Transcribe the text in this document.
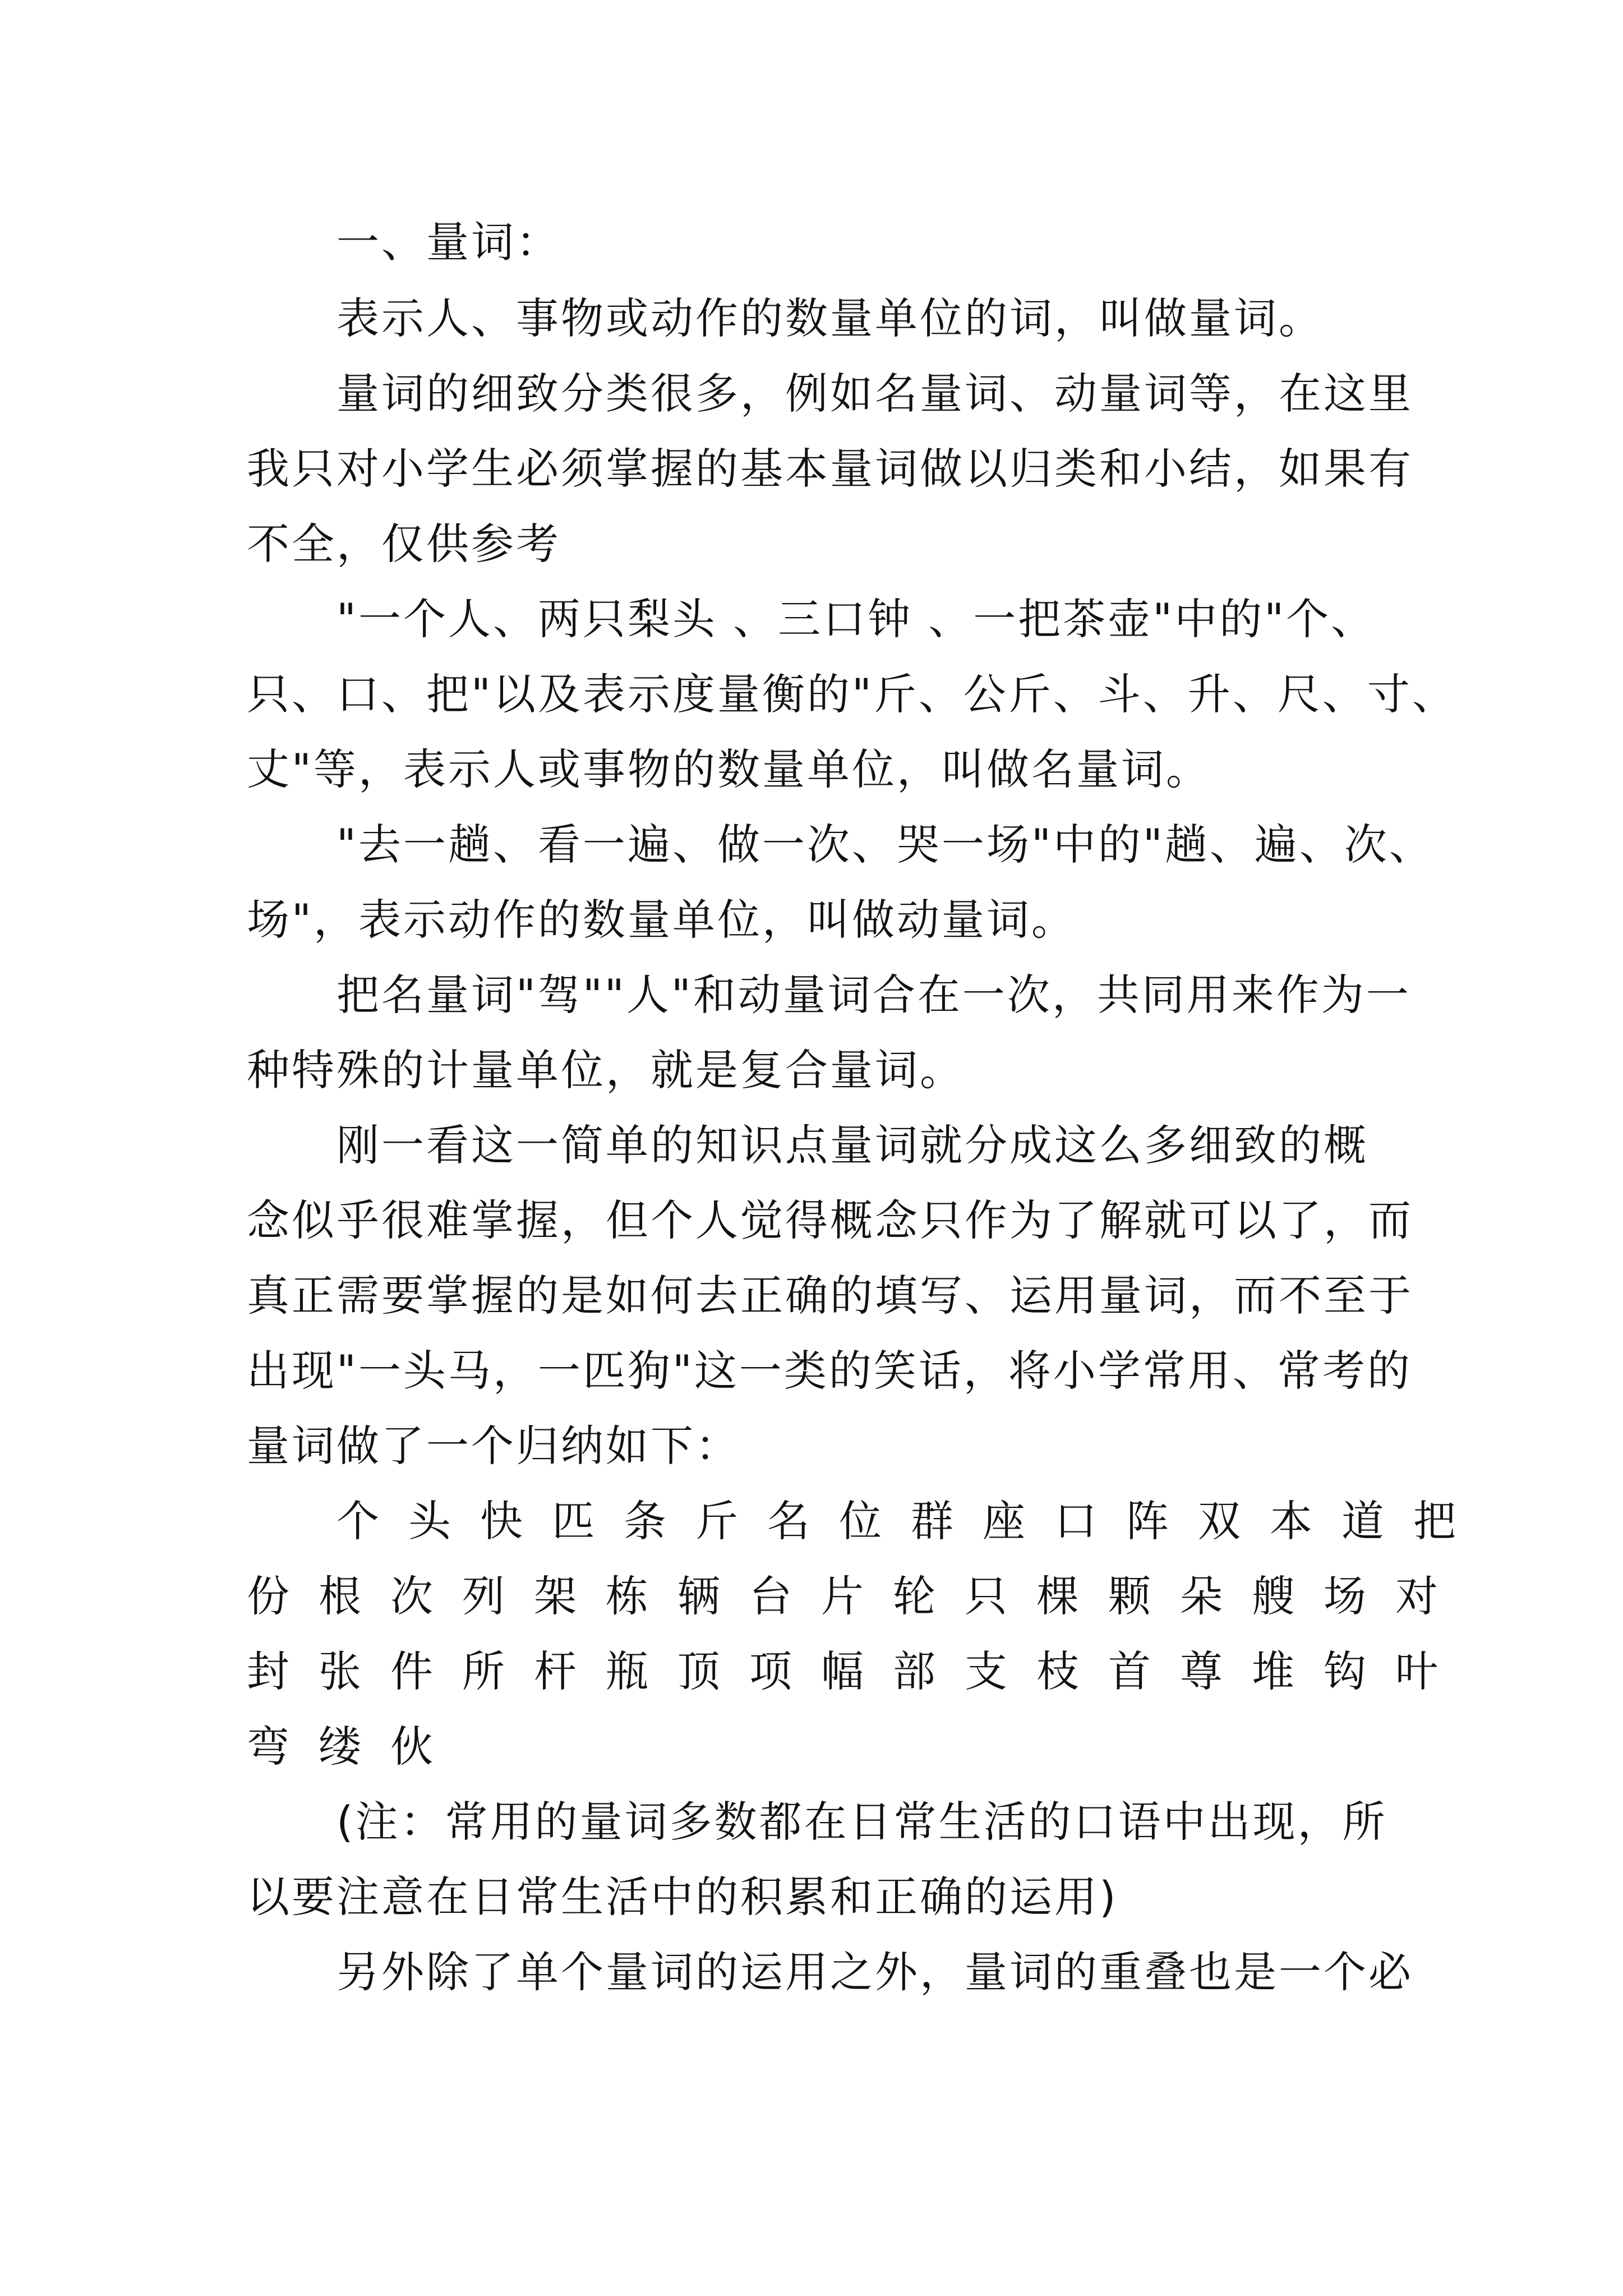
一、量词：
表示人、事物或动作的数量单位的词，叫做量词。
量词的细致分类很多，例如名量词、动量词等，在这里
我只对小学生必须掌握的基本量词做以归类和小结，如果有
不全，仅供参考
"一个人、两只梨头 、三口钟 、一把茶壶"中的"个、
只、口、把"以及表示度量衡的"斤、公斤、斗、升、尺、寸、
丈"等，表示人或事物的数量单位，叫做名量词。
"去一趟、看一遍、做一次、哭一场"中的"趟、遍、次、
场"，表示动作的数量单位，叫做动量词。
把名量词"驾""人"和动量词合在一次，共同用来作为一
种特殊的计量单位，就是复合量词。
刚一看这一简单的知识点量词就分成这么多细致的概
念似乎很难掌握，但个人觉得概念只作为了解就可以了，而
真正需要掌握的是如何去正确的填写、运用量词，而不至于
出现"一头马，一匹狗"这一类的笑话，将小学常用、常考的
量词做了一个归纳如下：
个头快匹条斤名位群座口阵双本道把
份根次列架栋辆台片轮只棵颗朵艘场对
封张件所杆瓶顶项幅部支枝首尊堆钩叶
弯缕伙
(注：常用的量词多数都在日常生活的口语中出现，所
以要注意在日常生活中的积累和正确的运用)
另外除了单个量词的运用之外，量词的重叠也是一个必
